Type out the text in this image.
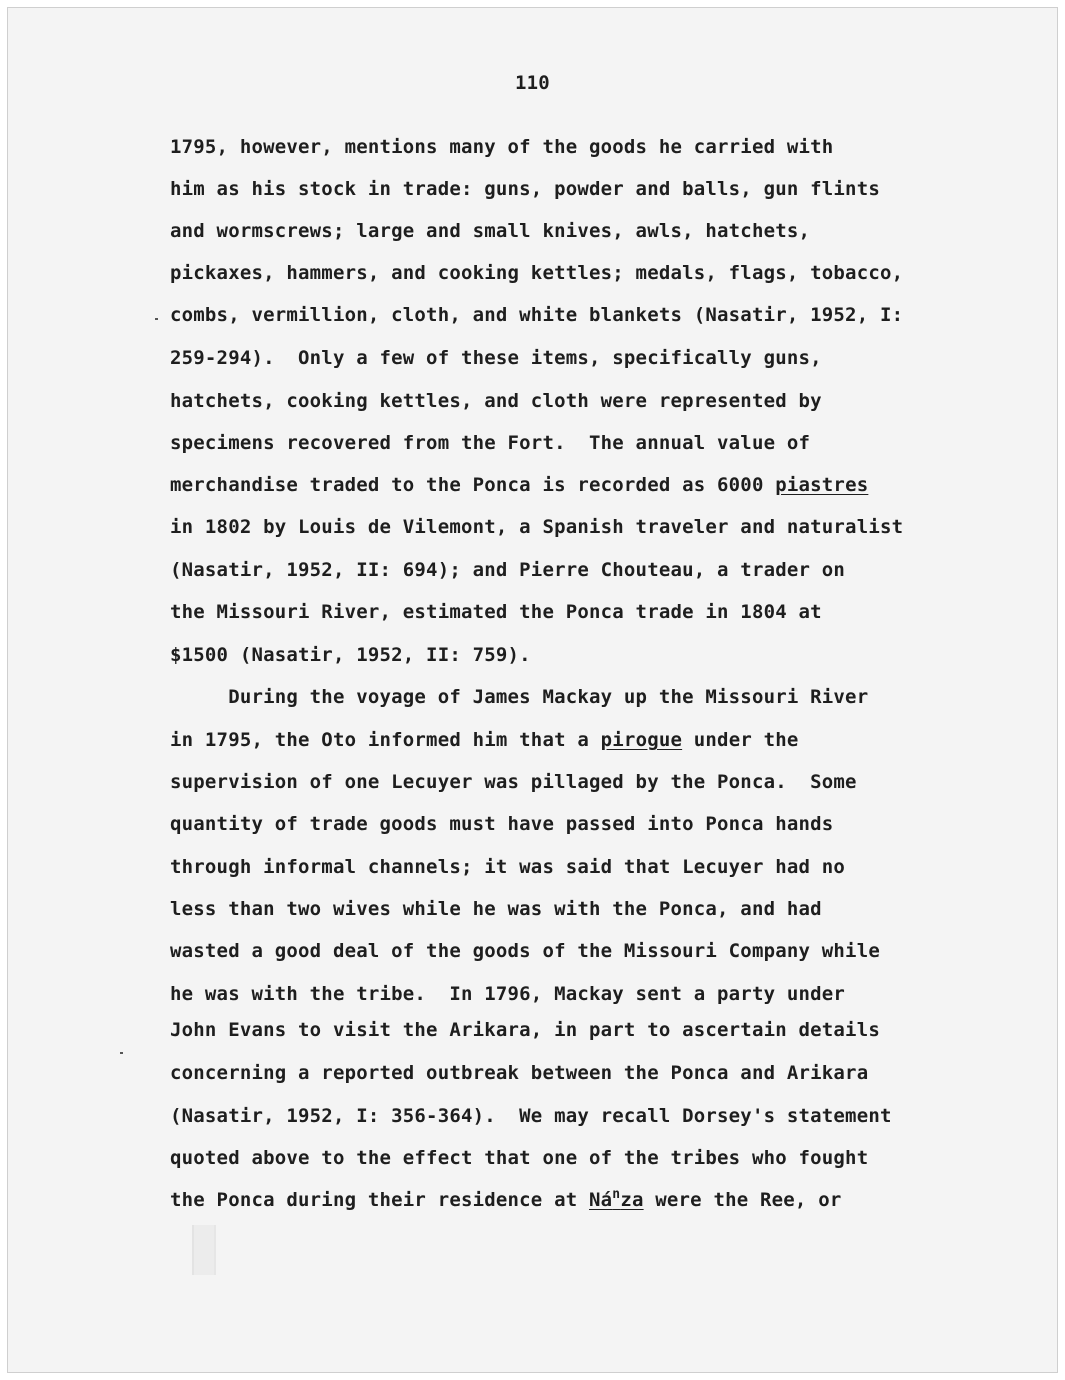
110
1795, however, mentions many of the goods he carried with
him as his stock in trade: guns, powder and balls, gun flints
and wormscrews; large and small knives, awls, hatchets,
pickaxes, hammers, and cooking kettles; medals, flags, tobacco,
combs, vermillion, cloth, and white blankets (Nasatir, 1952, I:
259-294).  Only a few of these items, specifically guns,
hatchets, cooking kettles, and cloth were represented by
specimens recovered from the Fort.  The annual value of
merchandise traded to the Ponca is recorded as 6000 piastres
in 1802 by Louis de Vilemont, a Spanish traveler and naturalist
(Nasatir, 1952, II: 694); and Pierre Chouteau, a trader on
the Missouri River, estimated the Ponca trade in 1804 at
$1500 (Nasatir, 1952, II: 759).
During the voyage of James Mackay up the Missouri River
in 1795, the Oto informed him that a pirogue under the
supervision of one Lecuyer was pillaged by the Ponca.  Some
quantity of trade goods must have passed into Ponca hands
through informal channels; it was said that Lecuyer had no
less than two wives while he was with the Ponca, and had
wasted a good deal of the goods of the Missouri Company while
he was with the tribe.  In 1796, Mackay sent a party under
John Evans to visit the Arikara, in part to ascertain details
concerning a reported outbreak between the Ponca and Arikara
(Nasatir, 1952, I: 356-364).  We may recall Dorsey's statement
quoted above to the effect that one of the tribes who fought
the Ponca during their residence at $Ná^nza$ were the Ree, or
